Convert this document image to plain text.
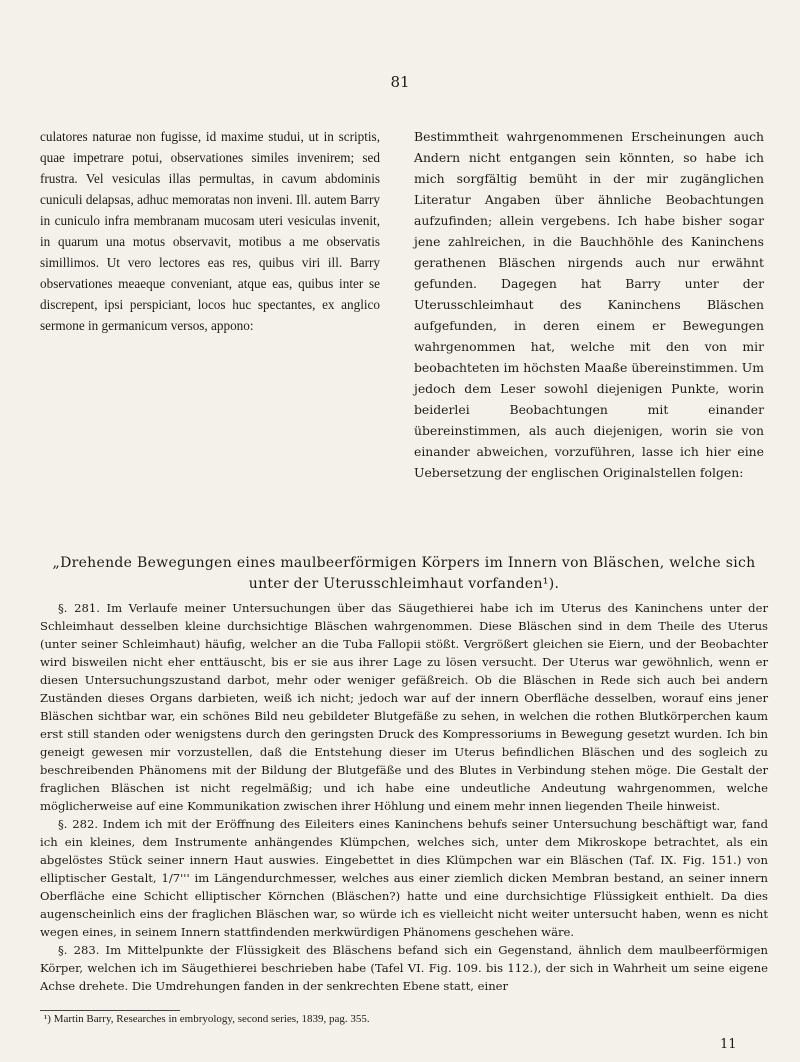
81
culatores naturae non fugisse, id maxime studui, ut in scriptis, quae impetrare potui, observationes similes invenirem; sed frustra. Vel vesiculas illas permultas, in cavum abdominis cuniculi delapsas, adhuc memoratas non inveni. Ill. autem Barry in cuniculo infra membranam mucosam uteri vesiculas invenit, in quarum una motus observavit, motibus a me observatis simillimos. Ut vero lectores eas res, quibus viri ill. Barry observationes meaeque conveniant, atque eas, quibus inter se discrepent, ipsi perspiciant, locos huc spectantes, ex anglico sermone in germanicum versos, appono:
Bestimmtheit wahrgenommenen Erscheinungen auch Andern nicht entgangen sein könnten, so habe ich mich sorgfältig bemüht in der mir zugänglichen Literatur Angaben über ähnliche Beobachtungen aufzufinden; allein vergebens. Ich habe bisher sogar jene zahlreichen, in die Bauchhöhle des Kaninchens gerathenen Bläschen nirgends auch nur erwähnt gefunden. Dagegen hat Barry unter der Uterusschleimhaut des Kaninchens Bläschen aufgefunden, in deren einem er Bewegungen wahrgenommen hat, welche mit den von mir beobachteten im höchsten Maaße übereinstimmen. Um jedoch dem Leser sowohl diejenigen Punkte, worin beiderlei Beobachtungen mit einander übereinstimmen, als auch diejenigen, worin sie von einander abweichen, vorzuführen, lasse ich hier eine Uebersetzung der englischen Originalstellen folgen:
„Drehende Bewegungen eines maulbeerförmigen Körpers im Innern von Bläschen, welche sich unter der Uterusschleimhaut vorfanden¹).

§. 281. Im Verlaufe meiner Untersuchungen über das Säugethierei habe ich im Uterus des Kaninchens unter der Schleimhaut desselben kleine durchsichtige Bläschen wahrgenommen. Diese Bläschen sind in dem Theile des Uterus (unter seiner Schleimhaut) häufig, welcher an die Tuba Fallopii stößt. Vergrößert gleichen sie Eiern, und der Beobachter wird bisweilen nicht eher enttäuscht, bis er sie aus ihrer Lage zu lösen versucht. Der Uterus war gewöhnlich, wenn er diesen Untersuchungszustand darbot, mehr oder weniger gefäßreich. Ob die Bläschen in Rede sich auch bei andern Zuständen dieses Organs darbieten, weiß ich nicht; jedoch war auf der innern Oberfläche desselben, worauf eins jener Bläschen sichtbar war, ein schönes Bild neu gebildeter Blutgefäße zu sehen, in welchen die rothen Blutkörperchen kaum erst still standen oder wenigstens durch den geringsten Druck des Kompressoriums in Bewegung gesetzt wurden. Ich bin geneigt gewesen mir vorzustellen, daß die Entstehung dieser im Uterus befindlichen Bläschen und des sogleich zu beschreibenden Phänomens mit der Bildung der Blutgefäße und des Blutes in Verbindung stehen möge. Die Gestalt der fraglichen Bläschen ist nicht regelmäßig; und ich habe eine undeutliche Andeutung wahrgenommen, welche möglicherweise auf eine Kommunikation zwischen ihrer Höhlung und einem mehr innen liegenden Theile hinweist.

§. 282. Indem ich mit der Eröffnung des Eileiters eines Kaninchens behufs seiner Untersuchung beschäftigt war, fand ich ein kleines, dem Instrumente anhängendes Klümpchen, welches sich, unter dem Mikroskope betrachtet, als ein abgelöstes Stück seiner innern Haut auswies. Eingebettet in dies Klümpchen war ein Bläschen (Taf. IX. Fig. 151.) von elliptischer Gestalt, 1/7''' im Längendurchmesser, welches aus einer ziemlich dicken Membran bestand, an seiner innern Oberfläche eine Schicht elliptischer Körnchen (Bläschen?) hatte und eine durchsichtige Flüssigkeit enthielt. Da dies augenscheinlich eins der fraglichen Bläschen war, so würde ich es vielleicht nicht weiter untersucht haben, wenn es nicht wegen eines, in seinem Innern stattfindenden merkwürdigen Phänomens geschehen wäre.

§. 283. Im Mittelpunkte der Flüssigkeit des Bläschens befand sich ein Gegenstand, ähnlich dem maulbeerförmigen Körper, welchen ich im Säugethierei beschrieben habe (Tafel VI. Fig. 109. bis 112.), der sich in Wahrheit um seine eigene Achse drehete. Die Umdrehungen fanden in der senkrechten Ebene statt, einer

¹) Martin Barry, Researches in embryology, second series, 1839, pag. 355.
11
